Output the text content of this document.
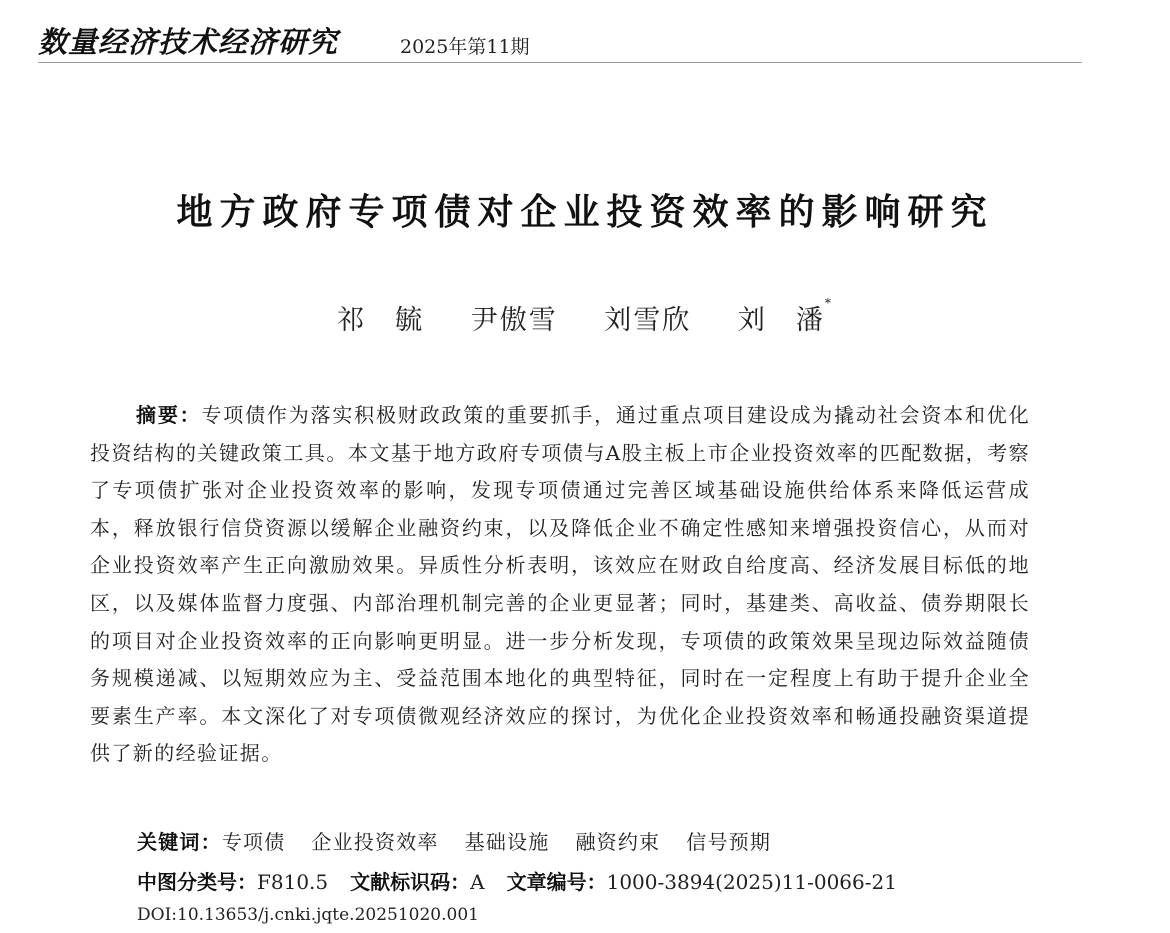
数量经济技术经济研究	2025年第11期
地方政府专项债对企业投资效率的影响研究
祁　毓 尹傲雪 刘雪欣 刘　潘*
摘要：专项债作为落实积极财政政策的重要抓手，通过重点项目建设成为撬动社会资本和优化投资结构的关键政策工具。本文基于地方政府专项债与A股主板上市企业投资效率的匹配数据，考察了专项债扩张对企业投资效率的影响，发现专项债通过完善区域基础设施供给体系来降低运营成本，释放银行信贷资源以缓解企业融资约束，以及降低企业不确定性感知来增强投资信心，从而对企业投资效率产生正向激励效果。异质性分析表明，该效应在财政自给度高、经济发展目标低的地区，以及媒体监督力度强、内部治理机制完善的企业更显著；同时，基建类、高收益、债券期限长的项目对企业投资效率的正向影响更明显。进一步分析发现，专项债的政策效果呈现边际效益随债务规模递减、以短期效应为主、受益范围本地化的典型特征，同时在一定程度上有助于提升企业全要素生产率。本文深化了对专项债微观经济效应的探讨，为优化企业投资效率和畅通投融资渠道提供了新的经验证据。
关键词：专项债 企业投资效率 基础设施 融资约束 信号预期
中图分类号：F810.5 文献标识码：A 文章编号：1000-3894(2025)11-0066-21
DOI:10.13653/j.cnki.jqte.20251020.001
